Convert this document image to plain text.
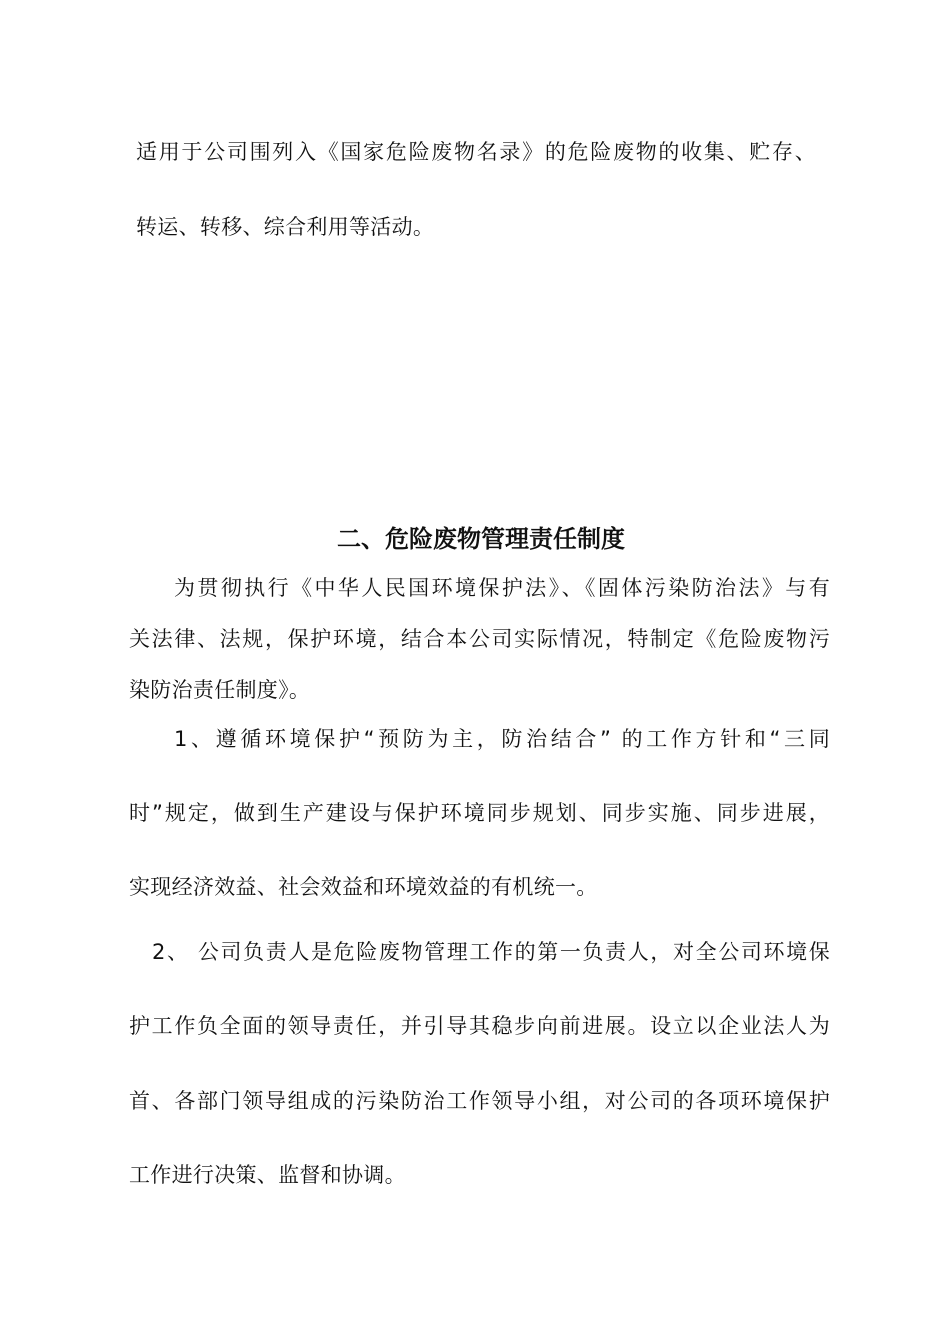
适用于公司围列入《国家危险废物名录》的危险废物的收集、贮存、
转运、转移、综合利用等活动。
二、危险废物管理责任制度
为贯彻执行《中华人民国环境保护法》、《固体污染防治法》与有
关法律、法规，保护环境，结合本公司实际情况，特制定《危险废物污
染防治责任制度》。
1、遵循环境保护“预防为主，防治结合” 的工作方针和“三同
时”规定，做到生产建设与保护环境同步规划、同步实施、同步进展，
实现经济效益、社会效益和环境效益的有机统一。
2、 公司负责人是危险废物管理工作的第一负责人，对全公司环境保
护工作负全面的领导责任，并引导其稳步向前进展。设立以企业法人为
首、各部门领导组成的污染防治工作领导小组，对公司的各项环境保护
工作进行决策、监督和协调。
